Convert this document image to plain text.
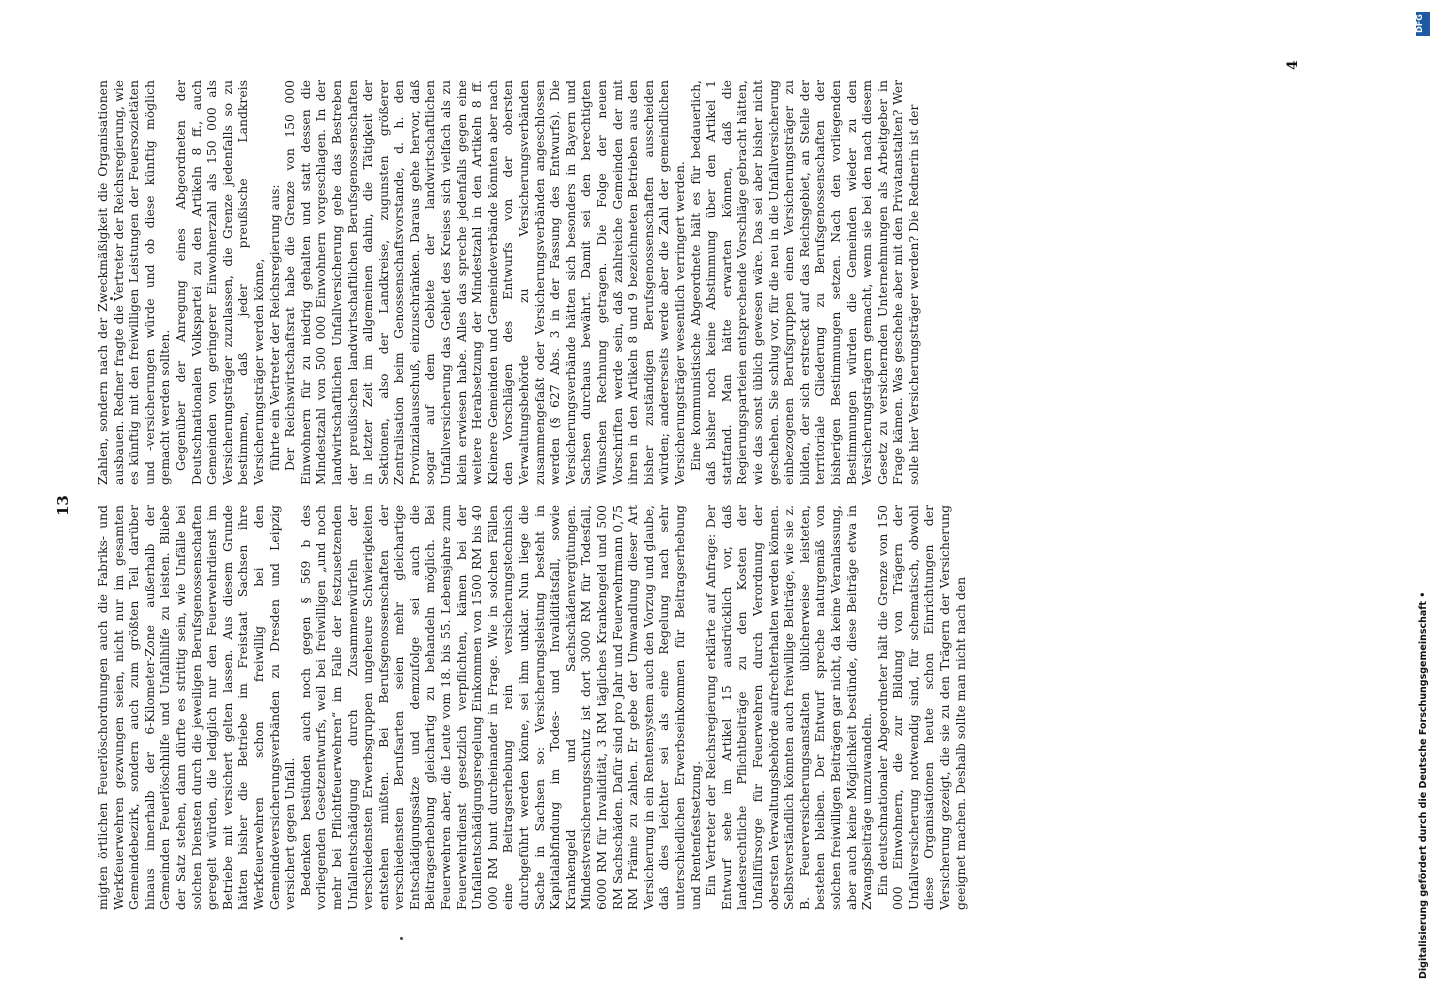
13 migten örtlichen Feuerlöschordnungen auch die Fabriks- und Werkfeuerwehren gezwungen seien, nicht nur im gesamten Gemeindebezirk, sondern auch zum größten Teil darüber hinaus innerhalb der 6-Kilometer-Zone außerhalb der Gemeinden Feuerlöschhilfe und Unfallhilfe zu leisten. Bliebe der Satz stehen, dann dürfte es strittig sein, wie Unfälle bei solchen Diensten durch die jeweiligen Berufsgenossenschaften geregelt würden, die lediglich nur den Feuerwehrdienst im Betriebe mit versichert gelten lassen. Aus diesem Grunde hätten bisher die Betriebe im Freistaat Sachsen ihre Werkfeuerwehren schon freiwillig bei den Gemeindeversicherungsverbänden zu Dresden und Leipzig versichert gegen Unfall. Bedenken bestünden auch noch gegen § 569 b des vorliegenden Gesetzentwurfs, weil bei freiwilligen „und noch mehr bei Pflichtfeuerwehren“ im Falle der festzusetzenden Unfallentschädigung durch Zusammenwürfeln der verschiedensten Erwerbsgruppen ungeheure Schwierigkeiten entstehen müßten. Bei Berufsgenossenschaften der verschiedensten Berufsarten seien mehr gleichartige Entschädigungssätze und demzufolge sei auch die Beitragserhebung gleichartig zu behandeln möglich. Bei Feuerwehren aber, die Leute vom 18. bis 55. Lebensjahre zum Feuerwehrdienst gesetzlich verpflichten, kämen bei der Unfallentschädigungsregelung Einkommen von 1500 RM bis 40 000 RM bunt durcheinander in Frage. Wie in solchen Fällen eine Beitragserhebung rein versicherungstechnisch durchgeführt werden könne, sei ihm unklar. Nun liege die Sache in Sachsen so: Versicherungsleistung besteht in Kapitalabfindung im Todes- und Invaliditätsfall, sowie Krankengeld und Sachschädenvergütungen. Mindestversicherungsschutz ist dort 3000 RM für Todesfall, 6000 RM für Invalidität, 3 RM tägliches Krankengeld und 500 RM Sachschäden. Dafür sind pro Jahr und Feuerwehrmann 0,75 RM Prämie zu zahlen. Er gebe der Umwandlung dieser Art Versicherung in ein Rentensystem auch den Vorzug und glaube, daß dies leichter sei als eine Regelung nach sehr unterschiedlichen Erwerbseinkommen für Beitragserhebung und Rentenfestsetzung. Ein Vertreter der Reichsregierung erklärte auf Anfrage: Der Entwurf sehe im Artikel 15 ausdrücklich vor, daß landesrechtliche Pflichtbeiträge zu den Kosten der Unfallfürsorge für Feuerwehren durch Verordnung der obersten Verwaltungsbehörde aufrechterhalten werden können. Selbstverständlich könnten auch freiwillige Beiträge, wie sie z. B. Feuerversicherungsanstalten üblicherweise leisteten, bestehen bleiben. Der Entwurf spreche naturgemäß von solchen freiwilligen Beiträgen gar nicht, da keine Veranlassung, aber auch keine Möglichkeit bestünde, diese Beiträge etwa in Zwangsbeiträge umzuwandeln. Ein deutschnationaler Abgeordneter hält die Grenze von 150 000 Einwohnern, die zur Bildung von Trägern der Unfallversicherung notwendig sind, für schematisch, obwohl diese Organisationen heute schon Einrichtungen der Versicherung gezeigt, die sie zu den Trägern der Versicherung geeignet machen. Deshalb sollte man nicht nach den

Zahlen, sondern nach der Zweckmäßigkeit die Organisationen ausbauen. Redner fragte die Vertreter der Reichsregierung, wie es künftig mit den freiwilligen Leistungen der Feuersozietäten und -versicherungen würde und ob diese künftig möglich gemacht werden sollten. Gegenüber der Anregung eines Abgeordneten der Deutschnationalen Volkspartei zu den Artikeln 8 ff., auch Gemeinden von geringerer Einwohnerzahl als 150 000 als Versicherungsträger zuzulassen, die Grenze jedenfalls so zu bestimmen, daß jeder preußische Landkreis Versicherungsträger werden könne, führte ein Vertreter der Reichsregierung aus: Der Reichswirtschaftsrat habe die Grenze von 150 000 Einwohnern für zu niedrig gehalten und statt dessen die Mindestzahl von 500 000 Einwohnern vorgeschlagen. In der landwirtschaftlichen Unfallversicherung gehe das Bestreben der preußischen landwirtschaftlichen Berufsgenossenschaften in letzter Zeit im allgemeinen dahin, die Tätigkeit der Sektionen, also der Landkreise, zugunsten größerer Zentralisation beim Genossenschaftsvorstande, d. h. den Provinzialausschuß, einzuschränken. Daraus gehe hervor, daß sogar auf dem Gebiete der landwirtschaftlichen Unfallversicherung das Gebiet des Kreises sich vielfach als zu klein erwiesen habe. Alles das spreche jedenfalls gegen eine weitere Herabsetzung der Mindestzahl in den Artikeln 8 ff. Kleinere Gemeinden und Gemeindeverbände könnten aber nach den Vorschlägen des Entwurfs von der obersten Verwaltungsbehörde zu Versicherungsverbänden zusammengefaßt oder Versicherungsverbänden angeschlossen werden (§ 627 Abs. 3 in der Fassung des Entwurfs). Die Versicherungsverbände hätten sich besonders in Bayern und Sachsen durchaus bewährt. Damit sei den berechtigten Wünschen Rechnung getragen. Die Folge der neuen Vorschriften werde sein, daß zahlreiche Gemeinden der mit ihren in den Artikeln 8 und 9 bezeichneten Betrieben aus den bisher zuständigen Berufsgenossenschaften ausscheiden würden; andererseits werde aber die Zahl der gemeindlichen Versicherungsträger wesentlich verringert werden. Eine kommunistische Abgeordnete hält es für bedauerlich, daß bisher noch keine Abstimmung über den Artikel 1 stattfand. Man hätte erwarten können, daß die Regierungsparteien entsprechende Vorschläge gebracht hätten, wie das sonst üblich gewesen wäre. Das sei aber bisher nicht geschehen. Sie schlug vor, für die neu in die Unfallversicherung einbezogenen Berufsgruppen einen Versicherungsträger zu bilden, der sich erstreckt auf das Reichsgebiet, an Stelle der territoriale Gliederung zu Berufsgenossenschaften der bisherigen Bestimmungen setzen. Nach den vorliegenden Bestimmungen würden die Gemeinden wieder zu den Versicherungsträgern gemacht, wenn sie bei den nach diesem Gesetz zu versichernden Unternehmungen als Arbeitgeber in Frage kämen. Was geschehe aber mit den Privatanstalten? Wer solle hier Versicherungsträger werden? Die Rednerin ist der

4
DFG
Digitalisierung gefördert durch die Deutsche Forschungsgemeinschaft •
